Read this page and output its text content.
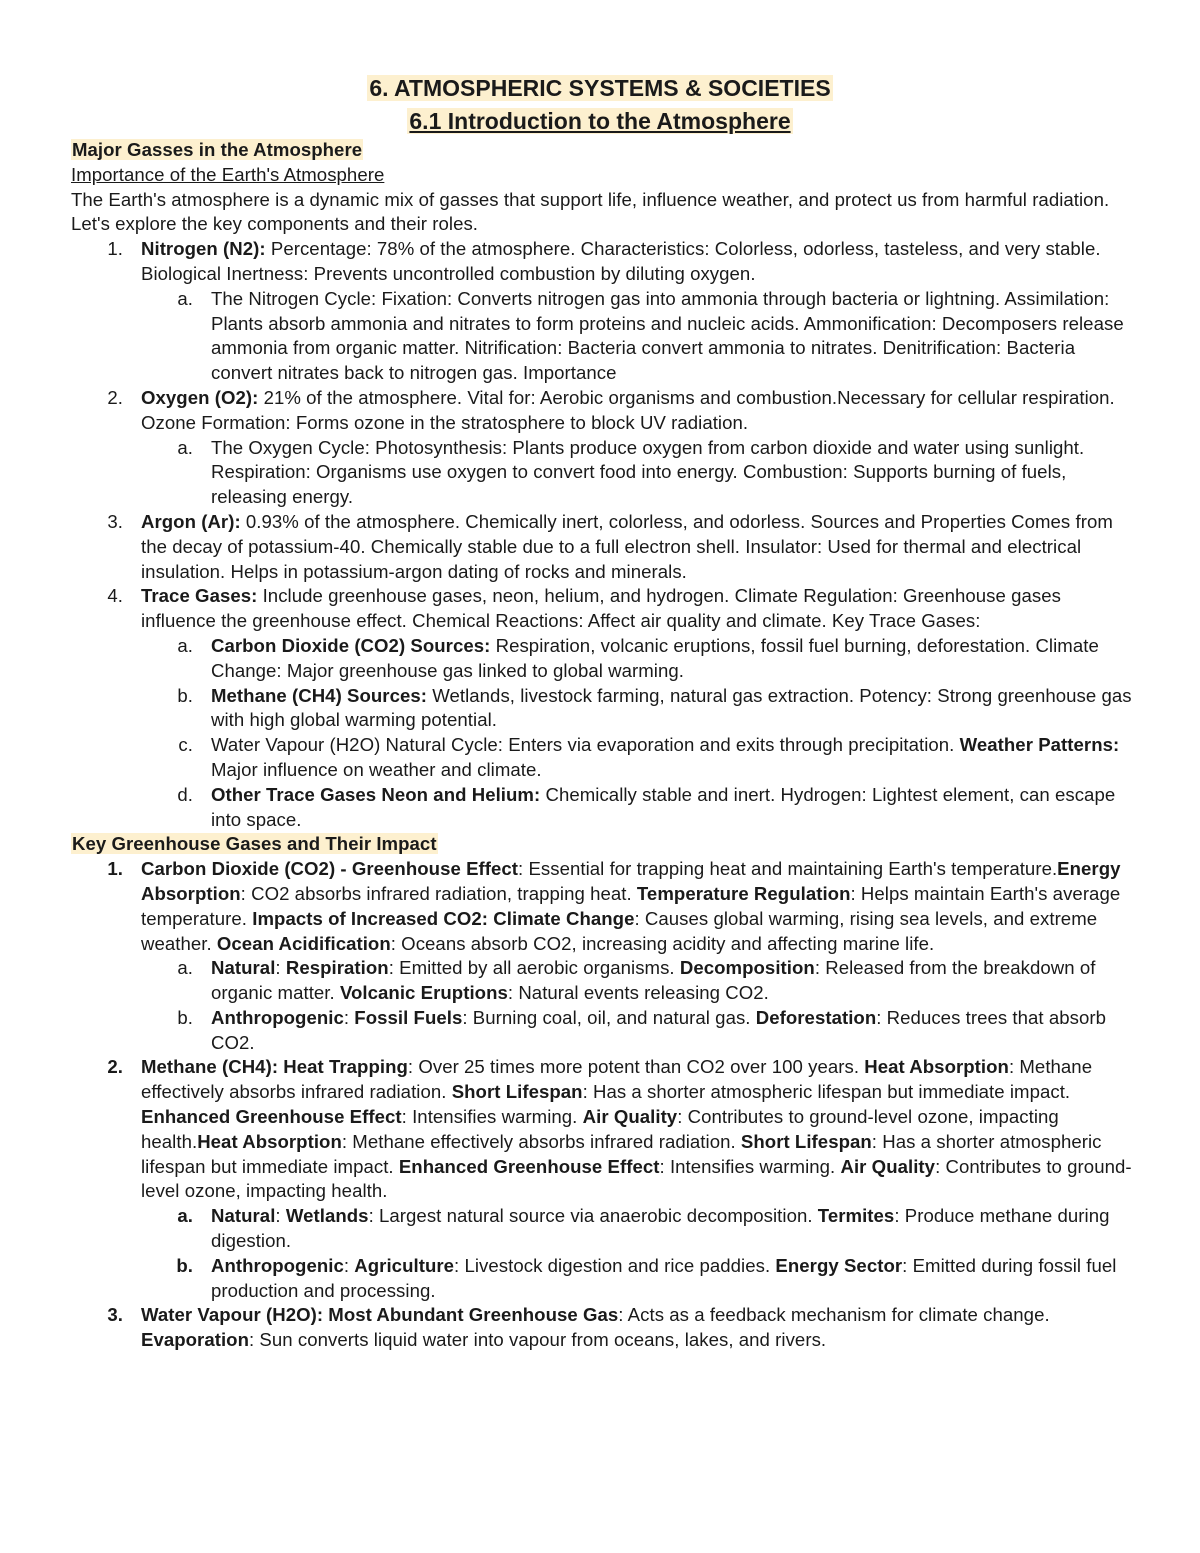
6. ATMOSPHERIC SYSTEMS & SOCIETIES
6.1 Introduction to the Atmosphere
Major Gasses in the Atmosphere
Importance of the Earth's Atmosphere

The Earth's atmosphere is a dynamic mix of gasses that support life, influence weather, and protect us from harmful radiation. Let's explore the key components and their roles.

1. Nitrogen (N2): Percentage: 78% of the atmosphere. Characteristics: Colorless, odorless, tasteless, and very stable. Biological Inertness: Prevents uncontrolled combustion by diluting oxygen.
a. The Nitrogen Cycle: Fixation: Converts nitrogen gas into ammonia through bacteria or lightning. Assimilation: Plants absorb ammonia and nitrates to form proteins and nucleic acids. Ammonification: Decomposers release ammonia from organic matter. Nitrification: Bacteria convert ammonia to nitrates. Denitrification: Bacteria convert nitrates back to nitrogen gas. Importance
2. Oxygen (O2): 21% of the atmosphere. Vital for: Aerobic organisms and combustion.Necessary for cellular respiration. Ozone Formation: Forms ozone in the stratosphere to block UV radiation.
a. The Oxygen Cycle: Photosynthesis: Plants produce oxygen from carbon dioxide and water using sunlight. Respiration: Organisms use oxygen to convert food into energy. Combustion: Supports burning of fuels, releasing energy.
3. Argon (Ar): 0.93% of the atmosphere. Chemically inert, colorless, and odorless. Sources and Properties Comes from the decay of potassium-40. Chemically stable due to a full electron shell. Insulator: Used for thermal and electrical insulation. Helps in potassium-argon dating of rocks and minerals.
4. Trace Gases: Include greenhouse gases, neon, helium, and hydrogen. Climate Regulation: Greenhouse gases influence the greenhouse effect. Chemical Reactions: Affect air quality and climate. Key Trace Gases:
a. Carbon Dioxide (CO2) Sources: Respiration, volcanic eruptions, fossil fuel burning, deforestation. Climate Change: Major greenhouse gas linked to global warming.
b. Methane (CH4) Sources: Wetlands, livestock farming, natural gas extraction. Potency: Strong greenhouse gas with high global warming potential.
c. Water Vapour (H2O) Natural Cycle: Enters via evaporation and exits through precipitation. Weather Patterns: Major influence on weather and climate.
d. Other Trace Gases Neon and Helium: Chemically stable and inert. Hydrogen: Lightest element, can escape into space.
Key Greenhouse Gases and Their Impact
1. Carbon Dioxide (CO2) - Greenhouse Effect: Essential for trapping heat and maintaining Earth's temperature.Energy Absorption: CO2 absorbs infrared radiation, trapping heat. Temperature Regulation: Helps maintain Earth's average temperature. Impacts of Increased CO2: Climate Change: Causes global warming, rising sea levels, and extreme weather. Ocean Acidification: Oceans absorb CO2, increasing acidity and affecting marine life.
a. Natural: Respiration: Emitted by all aerobic organisms. Decomposition: Released from the breakdown of organic matter. Volcanic Eruptions: Natural events releasing CO2.
b. Anthropogenic: Fossil Fuels: Burning coal, oil, and natural gas. Deforestation: Reduces trees that absorb CO2.
2. Methane (CH4): Heat Trapping: Over 25 times more potent than CO2 over 100 years. Heat Absorption: Methane effectively absorbs infrared radiation. Short Lifespan: Has a shorter atmospheric lifespan but immediate impact. Enhanced Greenhouse Effect: Intensifies warming. Air Quality: Contributes to ground-level ozone, impacting health.Heat Absorption: Methane effectively absorbs infrared radiation. Short Lifespan: Has a shorter atmospheric lifespan but immediate impact. Enhanced Greenhouse Effect: Intensifies warming. Air Quality: Contributes to ground-level ozone, impacting health.
a. Natural: Wetlands: Largest natural source via anaerobic decomposition. Termites: Produce methane during digestion.
b. Anthropogenic: Agriculture: Livestock digestion and rice paddies. Energy Sector: Emitted during fossil fuel production and processing.
3. Water Vapour (H2O): Most Abundant Greenhouse Gas: Acts as a feedback mechanism for climate change. Evaporation: Sun converts liquid water into vapour from oceans, lakes, and rivers.
